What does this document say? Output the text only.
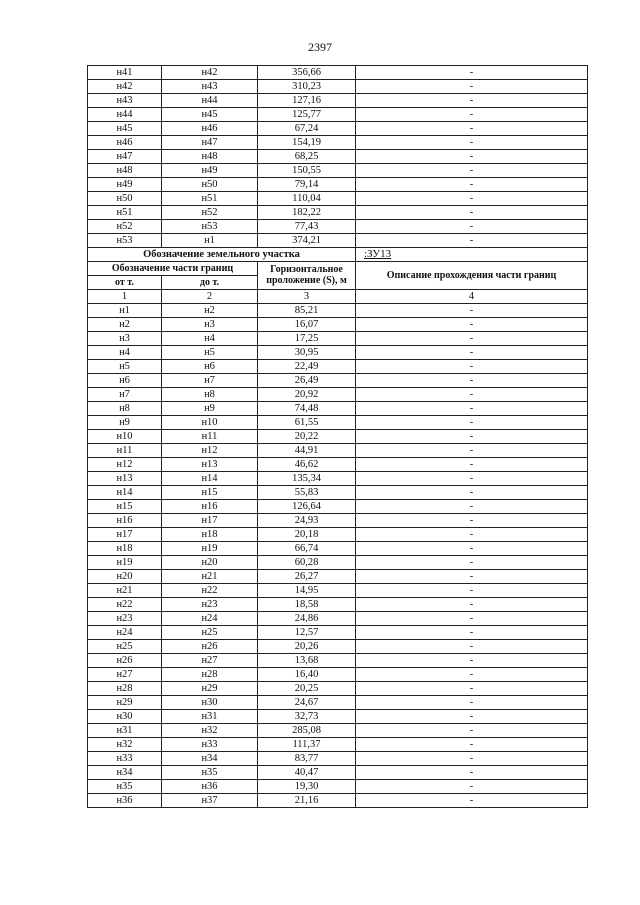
2397
н41	н42	356,66	-
н42	н43	310,23	-
н43	н44	127,16	-
н44	н45	125,77	-
н45	н46	67,24	-
н46	н47	154,19	-
н47	н48	68,25	-
н48	н49	150,55	-
н49	н50	79,14	-
н50	н51	110,04	-
н51	н52	182,22	-
н52	н53	77,43	-
н53	н1	374,21	-
Обозначение земельного участка			:ЗУ13
Обозначение части границ		Горизонтальное проложение (S), м	Описание прохождения части границ
от т.	до т.		
1	2	3	4
н1	н2	85,21	-
н2	н3	16,07	-
н3	н4	17,25	-
н4	н5	30,95	-
н5	н6	22,49	-
н6	н7	26,49	-
н7	н8	20,92	-
н8	н9	74,48	-
н9	н10	61,55	-
н10	н11	20,22	-
н11	н12	44,91	-
н12	н13	46,62	-
н13	н14	135,34	-
н14	н15	55,83	-
н15	н16	126,64	-
н16	н17	24,93	-
н17	н18	20,18	-
н18	н19	66,74	-
н19	н20	60,28	-
н20	н21	26,27	-
н21	н22	14,95	-
н22	н23	18,58	-
н23	н24	24,86	-
н24	н25	12,57	-
н25	н26	20,26	-
н26	н27	13,68	-
н27	н28	16,40	-
н28	н29	20,25	-
н29	н30	24,67	-
н30	н31	32,73	-
н31	н32	285,08	-
н32	н33	111,37	-
н33	н34	83,77	-
н34	н35	40,47	-
н35	н36	19,30	-
н36	н37	21,16	-
